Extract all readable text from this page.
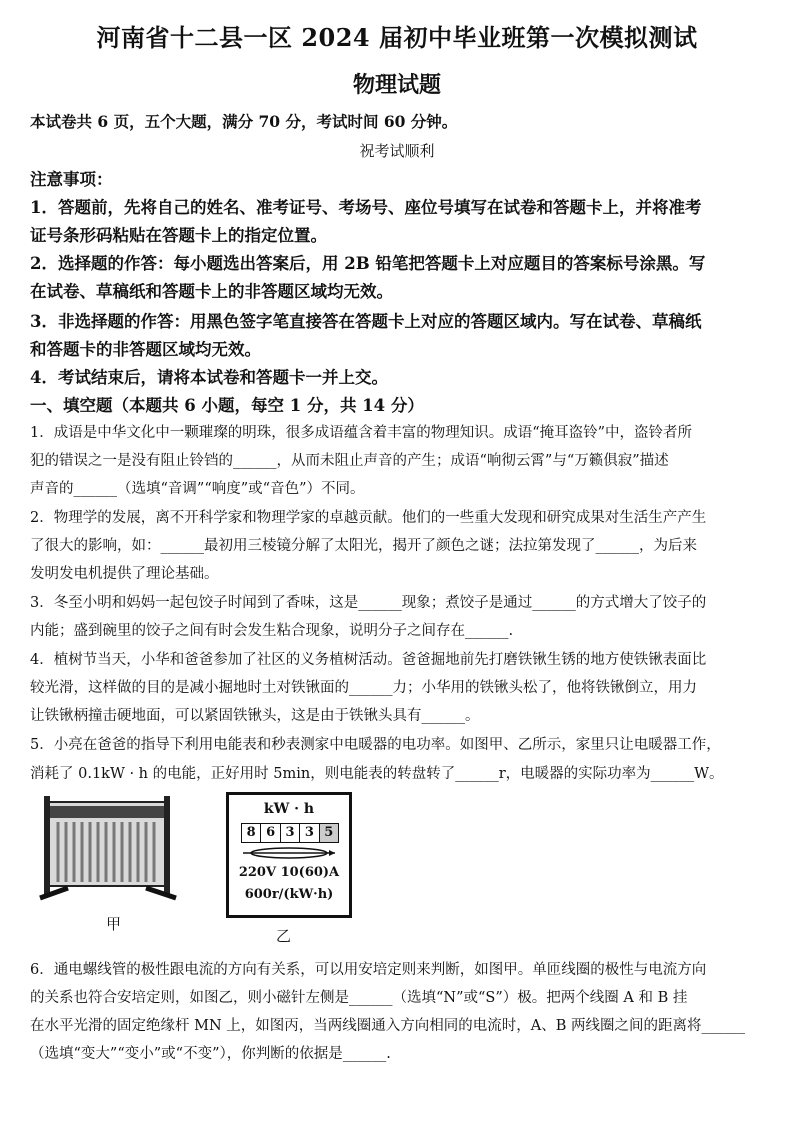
河南省十二县一区 2024 届初中毕业班第一次模拟测试
物理试题
本试卷共 6 页，五个大题，满分 70 分，考试时间 60 分钟。
祝考试顺利
注意事项：
1．答题前，先将自己的姓名、准考证号、考场号、座位号填写在试卷和答题卡上，并将准考
证号条形码粘贴在答题卡上的指定位置。
2．选择题的作答：每小题选出答案后，用 2B 铅笔把答题卡上对应题目的答案标号涂黑。写
在试卷、草稿纸和答题卡上的非答题区域均无效。
3．非选择题的作答：用黑色签字笔直接答在答题卡上对应的答题区域内。写在试卷、草稿纸
和答题卡的非答题区域均无效。
4．考试结束后，请将本试卷和答题卡一并上交。
一、填空题（本题共 6 小题，每空 1 分，共 14 分）
1．成语是中华文化中一颗璀璨的明珠，很多成语蕴含着丰富的物理知识。成语“掩耳盗铃”中，盗铃者所
犯的错误之一是没有阻止铃铛的______，从而未阻止声音的产生；成语“响彻云霄”与“万籁俱寂”描述
声音的______（选填“音调”“响度”或“音色”）不同。
2．物理学的发展，离不开科学家和物理学家的卓越贡献。他们的一些重大发现和研究成果对生活生产产生
了很大的影响，如：______最初用三棱镜分解了太阳光，揭开了颜色之谜；法拉第发现了______，为后来
发明发电机提供了理论基础。
3．冬至小明和妈妈一起包饺子时闻到了香味，这是______现象；煮饺子是通过______的方式增大了饺子的
内能；盛到碗里的饺子之间有时会发生粘合现象，说明分子之间存在______.
4．植树节当天，小华和爸爸参加了社区的义务植树活动。爸爸掘地前先打磨铁锹生锈的地方使铁锹表面比
较光滑，这样做的目的是减小掘地时土对铁锹面的______力；小华用的铁锹头松了，他将铁锹倒立，用力
让铁锹柄撞击硬地面，可以紧固铁锹头，这是由于铁锹头具有______。
5．小亮在爸爸的指导下利用电能表和秒表测家中电暖器的电功率。如图甲、乙所示，家里只让电暖器工作，
消耗了 0.1kW · h 的电能，正好用时 5min，则电能表的转盘转了______r，电暖器的实际功率为______W。
甲
kW · h
8 6 3 3 5
220V 10(60)A
600r/(kW·h)
乙
6．通电螺线管的极性跟电流的方向有关系，可以用安培定则来判断，如图甲。单匝线圈的极性与电流方向
的关系也符合安培定则，如图乙，则小磁针左侧是______（选填“N”或“S”）极。把两个线圈 A 和 B 挂
在水平光滑的固定绝缘杆 MN 上，如图丙，当两线圈通入方向相同的电流时，A、B 两线圈之间的距离将______
（选填“变大”“变小”或“不变”），你判断的依据是______.
